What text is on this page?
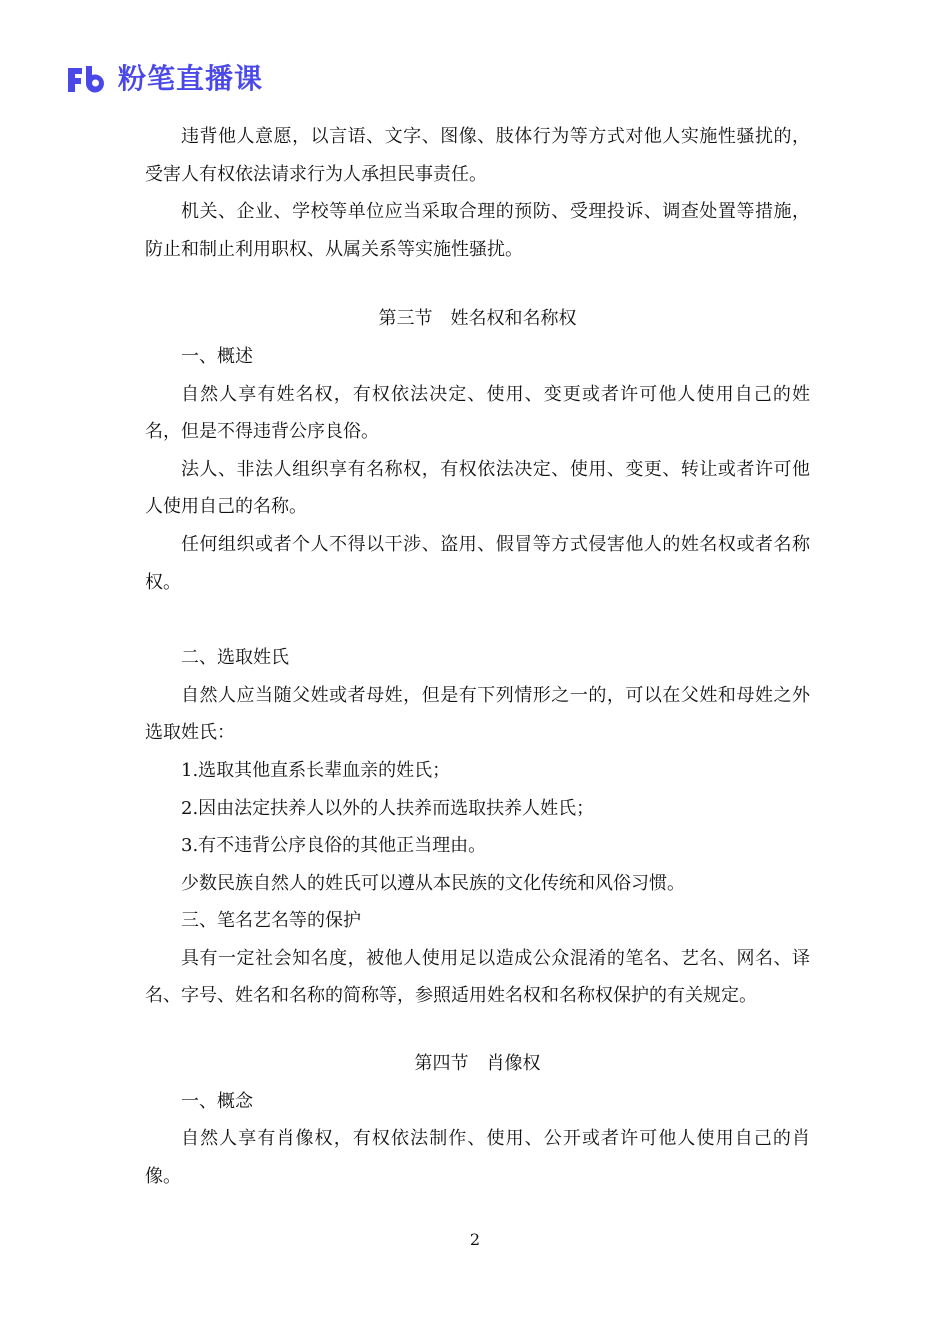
粉笔直播课

违背他人意愿，以言语、文字、图像、肢体行为等方式对他人实施性骚扰的，受害人有权依法请求行为人承担民事责任。

机关、企业、学校等单位应当采取合理的预防、受理投诉、调查处置等措施，防止和制止利用职权、从属关系等实施性骚扰。

第三节　姓名权和名称权

一、概述

自然人享有姓名权，有权依法决定、使用、变更或者许可他人使用自己的姓名，但是不得违背公序良俗。

法人、非法人组织享有名称权，有权依法决定、使用、变更、转让或者许可他人使用自己的名称。

任何组织或者个人不得以干涉、盗用、假冒等方式侵害他人的姓名权或者名称权。

二、选取姓氏

自然人应当随父姓或者母姓，但是有下列情形之一的，可以在父姓和母姓之外选取姓氏：

1.选取其他直系长辈血亲的姓氏；

2.因由法定扶养人以外的人扶养而选取扶养人姓氏；

3.有不违背公序良俗的其他正当理由。

少数民族自然人的姓氏可以遵从本民族的文化传统和风俗习惯。

三、笔名艺名等的保护

具有一定社会知名度，被他人使用足以造成公众混淆的笔名、艺名、网名、译名、字号、姓名和名称的简称等，参照适用姓名权和名称权保护的有关规定。

第四节　肖像权

一、概念

自然人享有肖像权，有权依法制作、使用、公开或者许可他人使用自己的肖像。

2
